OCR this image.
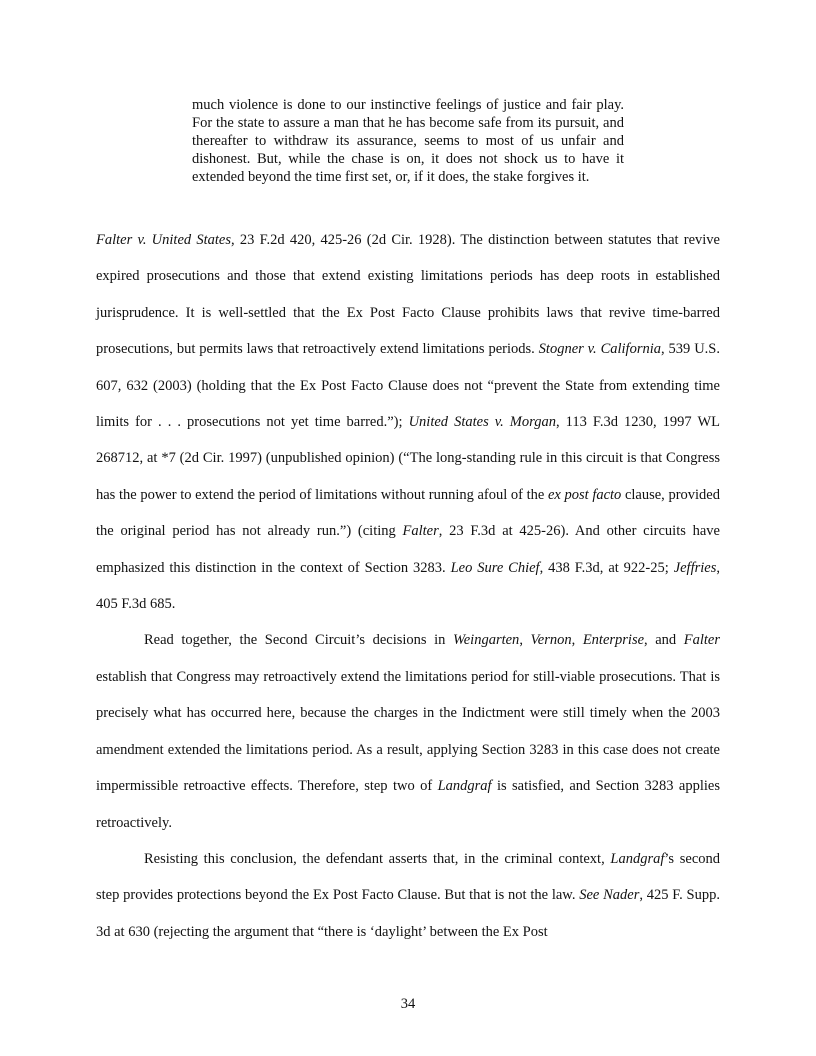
much violence is done to our instinctive feelings of justice and fair play. For the state to assure a man that he has become safe from its pursuit, and thereafter to withdraw its assurance, seems to most of us unfair and dishonest. But, while the chase is on, it does not shock us to have it extended beyond the time first set, or, if it does, the stake forgives it.

Falter v. United States, 23 F.2d 420, 425-26 (2d Cir. 1928). The distinction between statutes that revive expired prosecutions and those that extend existing limitations periods has deep roots in established jurisprudence. It is well-settled that the Ex Post Facto Clause prohibits laws that revive time-barred prosecutions, but permits laws that retroactively extend limitations periods. Stogner v. California, 539 U.S. 607, 632 (2003) (holding that the Ex Post Facto Clause does not “prevent the State from extending time limits for . . . prosecutions not yet time barred.”); United States v. Morgan, 113 F.3d 1230, 1997 WL 268712, at *7 (2d Cir. 1997) (unpublished opinion) (“The long-standing rule in this circuit is that Congress has the power to extend the period of limitations without running afoul of the ex post facto clause, provided the original period has not already run.”) (citing Falter, 23 F.3d at 425-26). And other circuits have emphasized this distinction in the context of Section 3283. Leo Sure Chief, 438 F.3d, at 922-25; Jeffries, 405 F.3d 685.

Read together, the Second Circuit’s decisions in Weingarten, Vernon, Enterprise, and Falter establish that Congress may retroactively extend the limitations period for still-viable prosecutions. That is precisely what has occurred here, because the charges in the Indictment were still timely when the 2003 amendment extended the limitations period. As a result, applying Section 3283 in this case does not create impermissible retroactive effects. Therefore, step two of Landgraf is satisfied, and Section 3283 applies retroactively.

Resisting this conclusion, the defendant asserts that, in the criminal context, Landgraf’s second step provides protections beyond the Ex Post Facto Clause. But that is not the law. See Nader, 425 F. Supp. 3d at 630 (rejecting the argument that “there is ‘daylight’ between the Ex Post

34
